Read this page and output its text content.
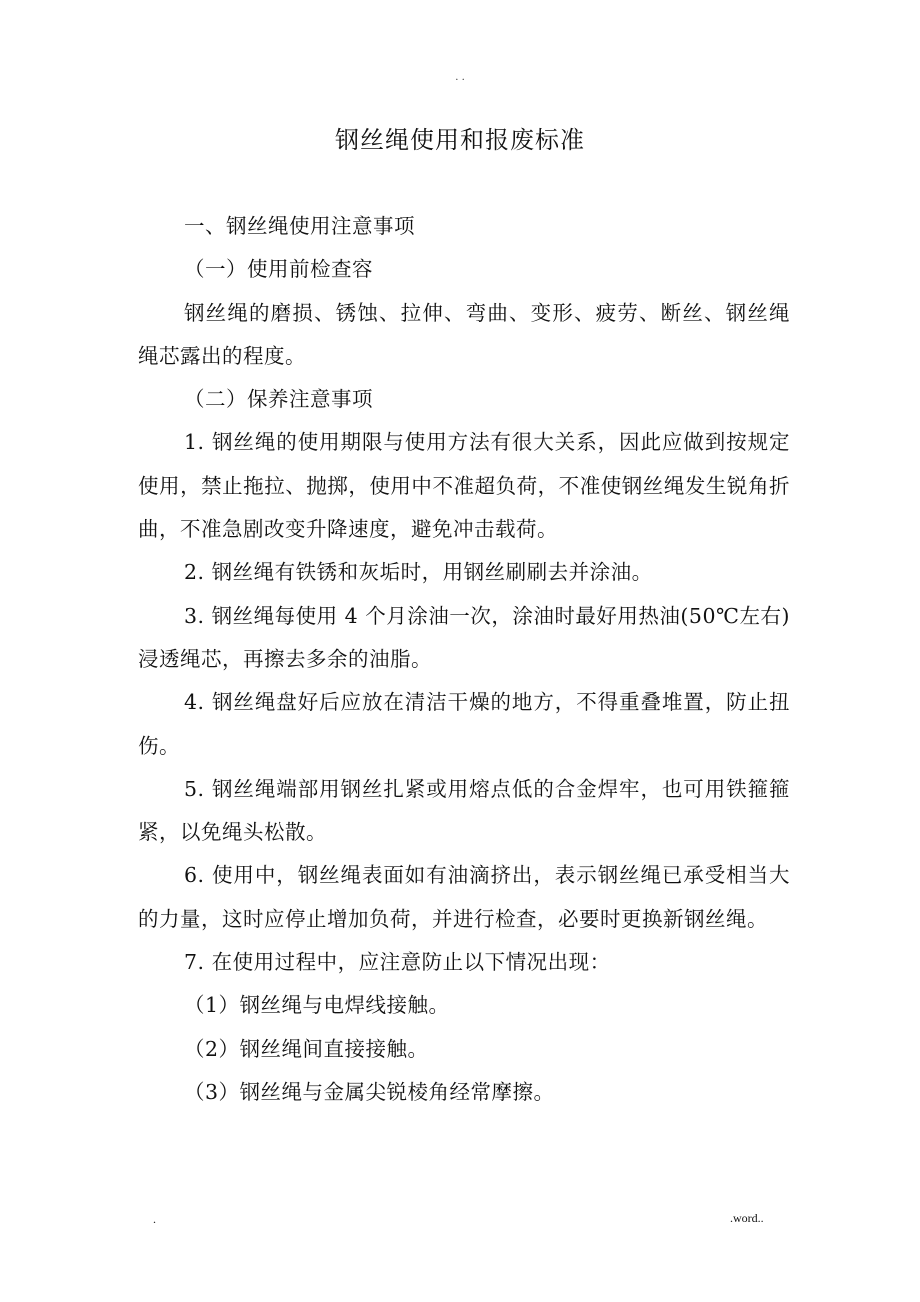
. .
钢丝绳使用和报废标准

一、钢丝绳使用注意事项

（一）使用前检查容

钢丝绳的磨损、锈蚀、拉伸、弯曲、变形、疲劳、断丝、钢丝绳绳芯露出的程度。

（二）保养注意事项

1. 钢丝绳的使用期限与使用方法有很大关系，因此应做到按规定使用，禁止拖拉、抛掷，使用中不准超负荷，不准使钢丝绳发生锐角折曲，不准急剧改变升降速度，避免冲击载荷。

2. 钢丝绳有铁锈和灰垢时，用钢丝刷刷去并涂油。

3. 钢丝绳每使用 4 个月涂油一次，涂油时最好用热油(50℃左右)浸透绳芯，再擦去多余的油脂。

4. 钢丝绳盘好后应放在清洁干燥的地方，不得重叠堆置，防止扭伤。

5. 钢丝绳端部用钢丝扎紧或用熔点低的合金焊牢，也可用铁箍箍紧，以免绳头松散。

6. 使用中，钢丝绳表面如有油滴挤出，表示钢丝绳已承受相当大的力量，这时应停止增加负荷，并进行检查，必要时更换新钢丝绳。

7. 在使用过程中，应注意防止以下情况出现：

（1）钢丝绳与电焊线接触。

（2）钢丝绳间直接接触。

（3）钢丝绳与金属尖锐棱角经常摩擦。

.	.word..
